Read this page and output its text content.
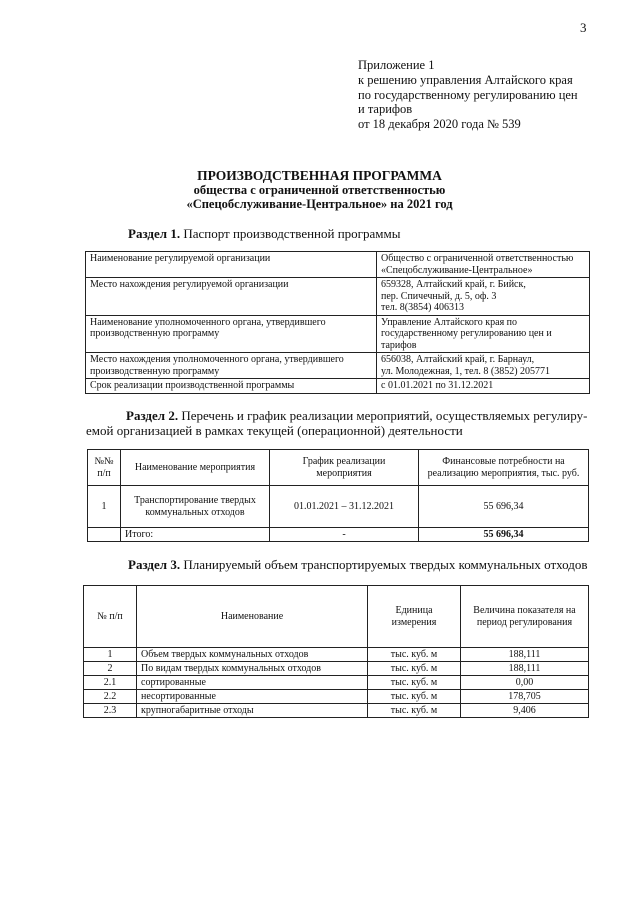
3
Приложение 1
к решению управления Алтайского края
по государственному регулированию цен
и тарифов
от 18 декабря 2020 года № 539
ПРОИЗВОДСТВЕННАЯ ПРОГРАММА
общества с ограниченной ответственностью
«Спецобслуживание-Центральное» на 2021 год
Раздел 1. Паспорт производственной программы
Наименование регулируемой организации	Общество с ограниченной ответственностью
«Спецобслуживание-Центральное»

Место нахождения регулируемой организации	659328, Алтайский край, г. Бийск,
пер. Спичечный, д. 5, оф. 3
тел. 8(3854) 406313

Наименование уполномоченного органа, утвердившего производственную программу	Управление Алтайского края по
государственному регулированию цен и
тарифов

Место нахождения уполномоченного органа, утвердившего производственную программу	656038, Алтайский край, г. Барнаул,
ул. Молодежная, 1, тел. 8 (3852) 205771

Срок реализации производственной программы	с 01.01.2021 по 31.12.2021
Раздел 2. Перечень и график реализации мероприятий, осуществляемых регулиру-емой организацией в рамках текущей (операционной) деятельности
№№ п/п	Наименование мероприятия	График реализации мероприятия	Финансовые потребности на реализацию мероприятия, тыс. руб.
1	Транспортирование твердых коммунальных отходов	01.01.2021 – 31.12.2021	55 696,34
	Итого:	-	55 696,34
Раздел 3. Планируемый объем транспортируемых твердых коммунальных отходов
№ п/п	Наименование	Единица измерения	Величина показателя на период регулирования
1	Объем твердых коммунальных отходов	тыс. куб. м	188,111
2	По видам твердых коммунальных отходов	тыс. куб. м	188,111
2.1	сортированные	тыс. куб. м	0,00
2.2	несортированные	тыс. куб. м	178,705
2.3	крупногабаритные отходы	тыс. куб. м	9,406
